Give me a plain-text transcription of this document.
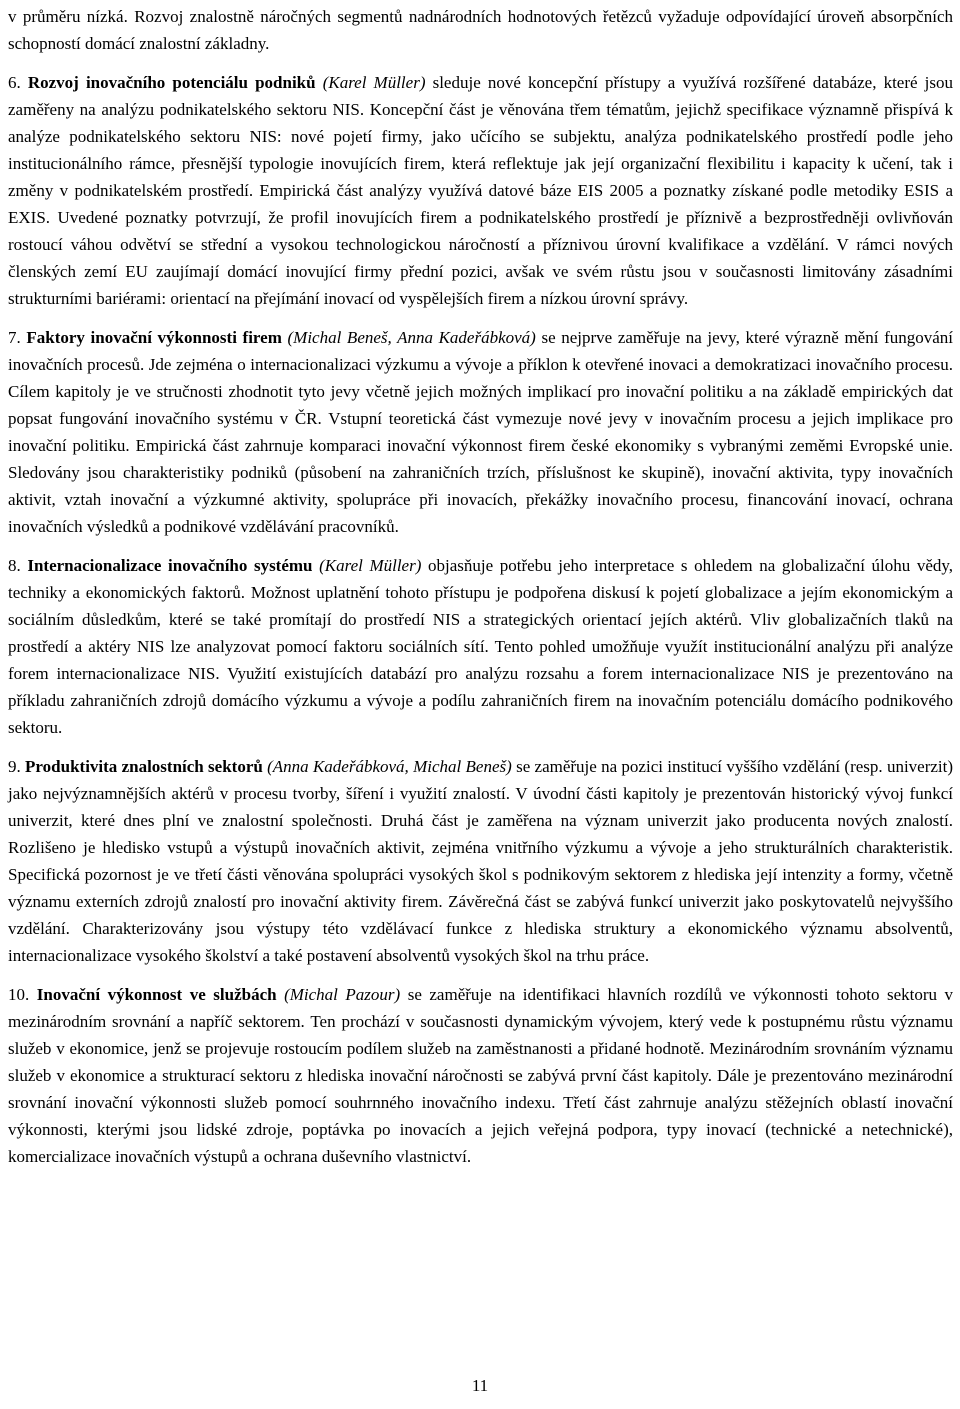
v průměru nízká. Rozvoj znalostně náročných segmentů nadnárodních hodnotových řetězců vyžaduje odpovídající úroveň absorpčních schopností domácí znalostní základny.

6. Rozvoj inovačního potenciálu podniků (Karel Müller) sleduje nové koncepční přístupy a využívá rozšířené databáze, které jsou zaměřeny na analýzu podnikatelského sektoru NIS. Koncepční část je věnována třem tématům, jejichž specifikace významně přispívá k analýze podnikatelského sektoru NIS: nové pojetí firmy, jako učícího se subjektu, analýza podnikatelského prostředí podle jeho institucionálního rámce, přesnější typologie inovujících firem, která reflektuje jak její organizační flexibilitu i kapacity k učení, tak i změny v podnikatelském prostředí. Empirická část analýzy využívá datové báze EIS 2005 a poznatky získané podle metodiky ESIS a EXIS. Uvedené poznatky potvrzují, že profil inovujících firem a podnikatelského prostředí je příznivě a bezprostředněji ovlivňován rostoucí váhou odvětví se střední a vysokou technologickou náročností a příznivou úrovní kvalifikace a vzdělání. V rámci nových členských zemí EU zaujímají domácí inovující firmy přední pozici, avšak ve svém růstu jsou v současnosti limitovány zásadními strukturními bariérami: orientací na přejímání inovací od vyspělejších firem a nízkou úrovní správy.

7. Faktory inovační výkonnosti firem (Michal Beneš, Anna Kadeřábková) se nejprve zaměřuje na jevy, které výrazně mění fungování inovačních procesů. Jde zejména o internacionalizaci výzkumu a vývoje a příklon k otevřené inovaci a demokratizaci inovačního procesu. Cílem kapitoly je ve stručnosti zhodnotit tyto jevy včetně jejich možných implikací pro inovační politiku a na základě empirických dat popsat fungování inovačního systému v ČR. Vstupní teoretická část vymezuje nové jevy v inovačním procesu a jejich implikace pro inovační politiku. Empirická část zahrnuje komparaci inovační výkonnost firem české ekonomiky s vybranými zeměmi Evropské unie. Sledovány jsou charakteristiky podniků (působení na zahraničních trzích, příslušnost ke skupině), inovační aktivita, typy inovačních aktivit, vztah inovační a výzkumné aktivity, spolupráce při inovacích, překážky inovačního procesu, financování inovací, ochrana inovačních výsledků a podnikové vzdělávání pracovníků.

8. Internacionalizace inovačního systému (Karel Müller) objasňuje potřebu jeho interpretace s ohledem na globalizační úlohu vědy, techniky a ekonomických faktorů. Možnost uplatnění tohoto přístupu je podpořena diskusí k pojetí globalizace a jejím ekonomickým a sociálním důsledkům, které se také promítají do prostředí NIS a strategických orientací jejích aktérů. Vliv globalizačních tlaků na prostředí a aktéry NIS lze analyzovat pomocí faktoru sociálních sítí. Tento pohled umožňuje využít institucionální analýzu při analýze forem internacionalizace NIS. Využití existujících databází pro analýzu rozsahu a forem internacionalizace NIS je prezentováno na příkladu zahraničních zdrojů domácího výzkumu a vývoje a podílu zahraničních firem na inovačním potenciálu domácího podnikového sektoru.

9. Produktivita znalostních sektorů (Anna Kadeřábková, Michal Beneš) se zaměřuje na pozici institucí vyššího vzdělání (resp. univerzit) jako nejvýznamnějších aktérů v procesu tvorby, šíření i využití znalostí. V úvodní části kapitoly je prezentován historický vývoj funkcí univerzit, které dnes plní ve znalostní společnosti. Druhá část je zaměřena na význam univerzit jako producenta nových znalostí. Rozlišeno je hledisko vstupů a výstupů inovačních aktivit, zejména vnitřního výzkumu a vývoje a jeho strukturálních charakteristik. Specifická pozornost je ve třetí části věnována spolupráci vysokých škol s podnikovým sektorem z hlediska její intenzity a formy, včetně významu externích zdrojů znalostí pro inovační aktivity firem. Závěrečná část se zabývá funkcí univerzit jako poskytovatelů nejvyššího vzdělání. Charakterizovány jsou výstupy této vzdělávací funkce z hlediska struktury a ekonomického významu absolventů, internacionalizace vysokého školství a také postavení absolventů vysokých škol na trhu práce.

10. Inovační výkonnost ve službách (Michal Pazour) se zaměřuje na identifikaci hlavních rozdílů ve výkonnosti tohoto sektoru v mezinárodním srovnání a napříč sektorem. Ten prochází v současnosti dynamickým vývojem, který vede k postupnému růstu významu služeb v ekonomice, jenž se projevuje rostoucím podílem služeb na zaměstnanosti a přidané hodnotě. Mezinárodním srovnáním významu služeb v ekonomice a strukturací sektoru z hlediska inovační náročnosti se zabývá první část kapitoly. Dále je prezentováno mezinárodní srovnání inovační výkonnosti služeb pomocí souhrnného inovačního indexu. Třetí část zahrnuje analýzu stěžejních oblastí inovační výkonnosti, kterými jsou lidské zdroje, poptávka po inovacích a jejich veřejná podpora, typy inovací (technické a netechnické), komercializace inovačních výstupů a ochrana duševního vlastnictví.

11
